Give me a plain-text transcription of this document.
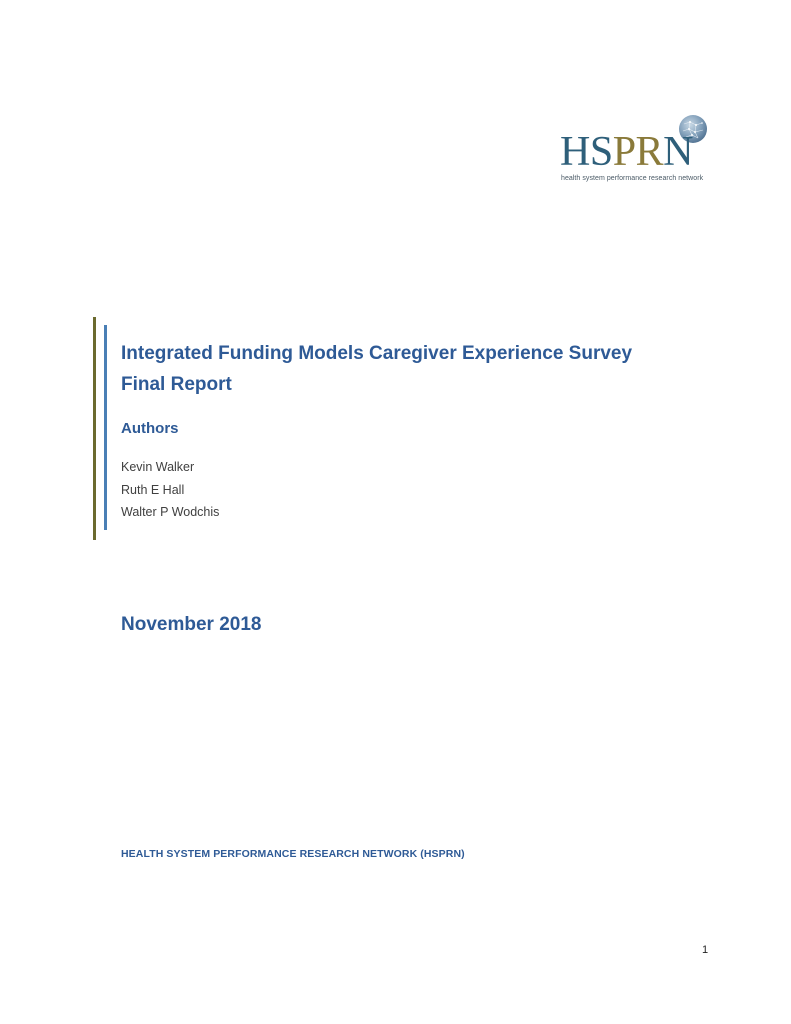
HSPRN
health system performance research network
Integrated Funding Models Caregiver Experience Survey
Final Report
Authors
Kevin Walker
Ruth E Hall
Walter P Wodchis
November 2018
HEALTH SYSTEM PERFORMANCE RESEARCH NETWORK (HSPRN)
1
